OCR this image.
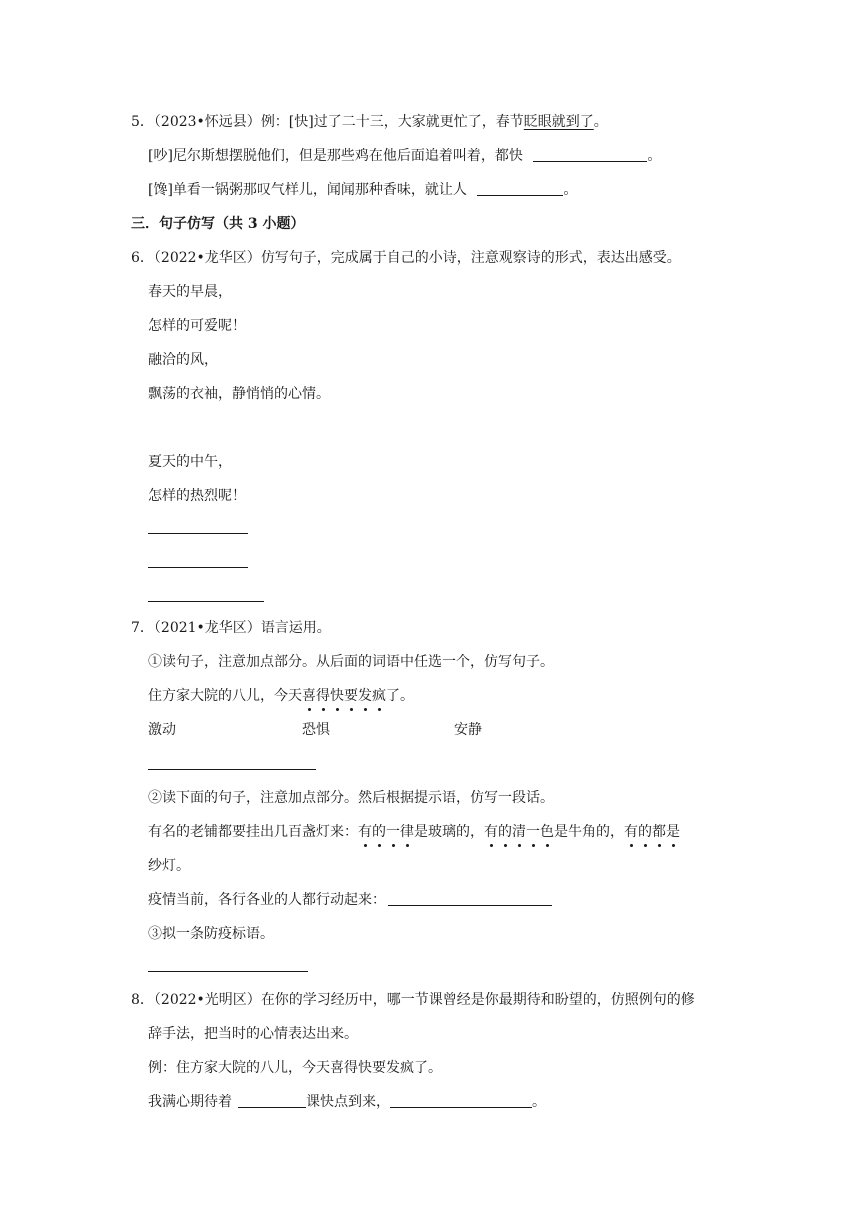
5．（2023•怀远县）例：[快]过了二十三，大家就更忙了，春节眨眼就到了。
[吵]尼尔斯想摆脱他们，但是那些鸡在他后面追着叫着，都快	。
[馋]单看一锅粥那叹气样儿，闻闻那种香味，就让人	。
三．句子仿写（共 3 小题）
6．（2022•龙华区）仿写句子，完成属于自己的小诗，注意观察诗的形式，表达出感受。
春天的早晨，
怎样的可爱呢！
融洽的风，
飘荡的衣袖，静悄悄的心情。
夏天的中午，
怎样的热烈呢！
7．（2021•龙华区）语言运用。
①读句子，注意加点部分。从后面的词语中任选一个，仿写句子。
住方家大院的八儿，今天喜得快要发疯了。
激动	恐惧	安静
②读下面的句子，注意加点部分。然后根据提示语，仿写一段话。
有名的老铺都要挂出几百盏灯来：有的一律是玻璃的，有的清一色是牛角的，有的都是
纱灯。
疫情当前，各行各业的人都行动起来：
③拟一条防疫标语。
8．（2022•光明区）在你的学习经历中，哪一节课曾经是你最期待和盼望的，仿照例句的修
辞手法，把当时的心情表达出来。
例：住方家大院的八儿，今天喜得快要发疯了。
我满心期待着	课快点到来，	。
